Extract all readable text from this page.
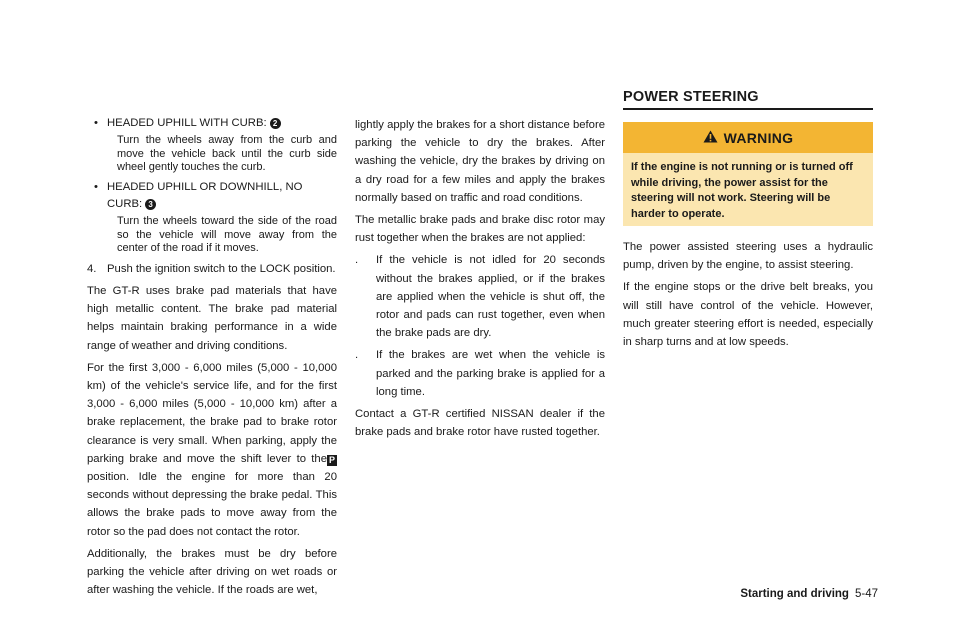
• HEADED UPHILL WITH CURB: 2
Turn the wheels away from the curb and move the vehicle back until the curb side wheel gently touches the curb.
• HEADED UPHILL OR DOWNHILL, NO CURB: 3
Turn the wheels toward the side of the road so the vehicle will move away from the center of the road if it moves.

4. Push the ignition switch to the LOCK position.

The GT-R uses brake pad materials that have high metallic content. The brake pad material helps maintain braking performance in a wide range of weather and driving conditions.

For the first 3,000 - 6,000 miles (5,000 - 10,000 km) of the vehicle's service life, and for the first 3,000 - 6,000 miles (5,000 - 10,000 km) after a brake replacement, the brake pad to brake rotor clearance is very small. When parking, apply the parking brake and move the shift lever to the P position. Idle the engine for more than 20 seconds without depressing the brake pedal. This allows the brake pads to move away from the rotor so the pad does not contact the rotor.

Additionally, the brakes must be dry before parking the vehicle after driving on wet roads or after washing the vehicle. If the roads are wet,

lightly apply the brakes for a short distance before parking the vehicle to dry the brakes. After washing the vehicle, dry the brakes by driving on a dry road for a few miles and apply the brakes normally based on traffic and road conditions.

The metallic brake pads and brake disc rotor may rust together when the brakes are not applied:

. If the vehicle is not idled for 20 seconds without the brakes applied, or if the brakes are applied when the vehicle is shut off, the rotor and pads can rust together, even when the brake pads are dry.
. If the brakes are wet when the vehicle is parked and the parking brake is applied for a long time.

Contact a GT-R certified NISSAN dealer if the brake pads and brake rotor have rusted together.

POWER STEERING
WARNING
If the engine is not running or is turned off while driving, the power assist for the steering will not work. Steering will be harder to operate.

The power assisted steering uses a hydraulic pump, driven by the engine, to assist steering.

If the engine stops or the drive belt breaks, you will still have control of the vehicle. However, much greater steering effort is needed, especially in sharp turns and at low speeds.

Starting and driving 5-47
